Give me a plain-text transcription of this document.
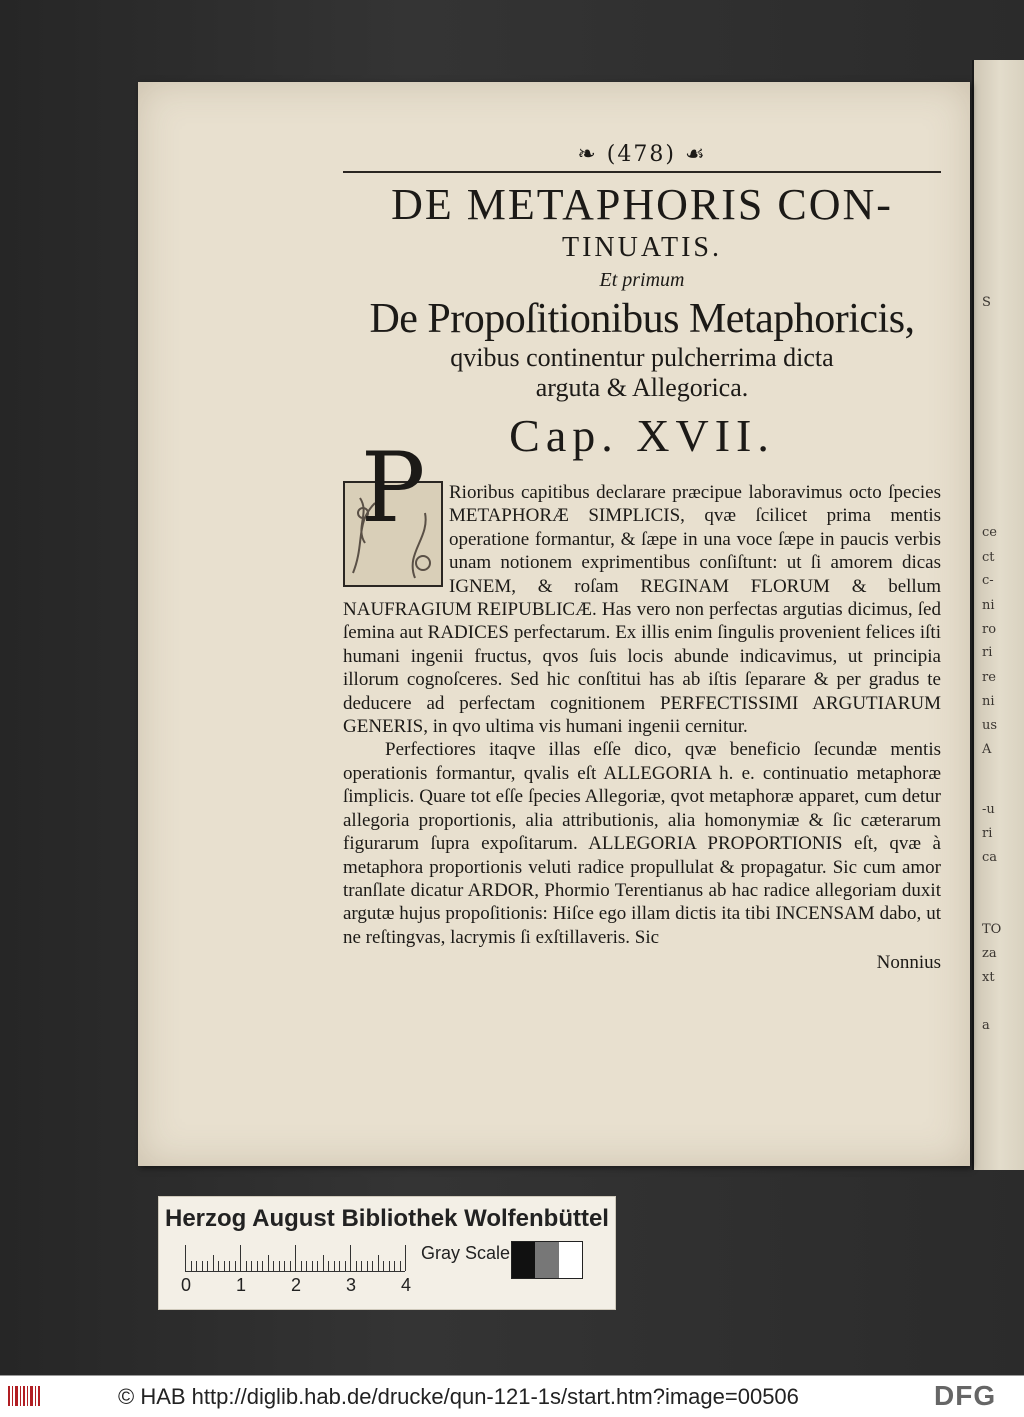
S
ce
ct
c-
ni
ro
ri
re
ni
us
A
-u
ri
ca
TO
za
xt
a
❧ (478) ☙
DE METAPHORIS CON-
TINUATIS.
Et primum
De Propoſitionibus Metaphoricis,
qvibus continentur pulcherrima dicta
arguta & Allegorica.
Cap. XVII.
P	Rioribus capitibus declarare præcipue laboravimus octo ſpecies METAPHORÆ SIMPLICIS, qvæ ſcilicet prima mentis operatione formantur, & ſæpe in una voce ſæpe in paucis verbis unam notionem exprimentibus conſiſtunt: ut ſi amorem dicas IGNEM, & roſam REGINAM FLORUM & bellum NAUFRAGIUM REIPUBLICÆ. Has vero non perfectas argutias dicimus, ſed ſemina aut RADICES perfectarum. Ex illis enim ſingulis provenient felices iſti humani ingenii fructus, qvos ſuis locis abunde indicavimus, ut principia illorum cognoſceres. Sed hic conſtitui has ab iſtis ſeparare & per gradus te deducere ad perfectam cognitionem PERFECTISSIMI ARGUTIARUM GENERIS, in qvo ultima vis humani ingenii cernitur.

Perfectiores itaqve illas eſſe dico, qvæ beneficio ſecundæ mentis operationis formantur, qvalis eſt ALLEGORIA h. e. continuatio metaphoræ ſimplicis. Quare tot eſſe ſpecies Allegoriæ, qvot metaphoræ apparet, cum detur allegoria proportionis, alia attributionis, alia homonymiæ & ſic cæterarum figurarum ſupra expoſitarum. ALLEGORIA PROPORTIONIS eſt, qvæ à metaphora proportionis veluti radice propullulat & propagatur. Sic cum amor tranſlate dicatur ARDOR, Phormio Terentianus ab hac radice allegoriam duxit argutæ hujus propoſitionis: Hiſce ego illam dictis ita tibi INCENSAM dabo, ut ne reſtingvas, lacrymis ſi exſtillaveris. Sic

Nonnius
Herzog August Bibliothek Wolfenbüttel
0 1 2 3 4
Gray Scale
© HAB http://diglib.hab.de/drucke/qun-121-1s/start.htm?image=00506	DFG
